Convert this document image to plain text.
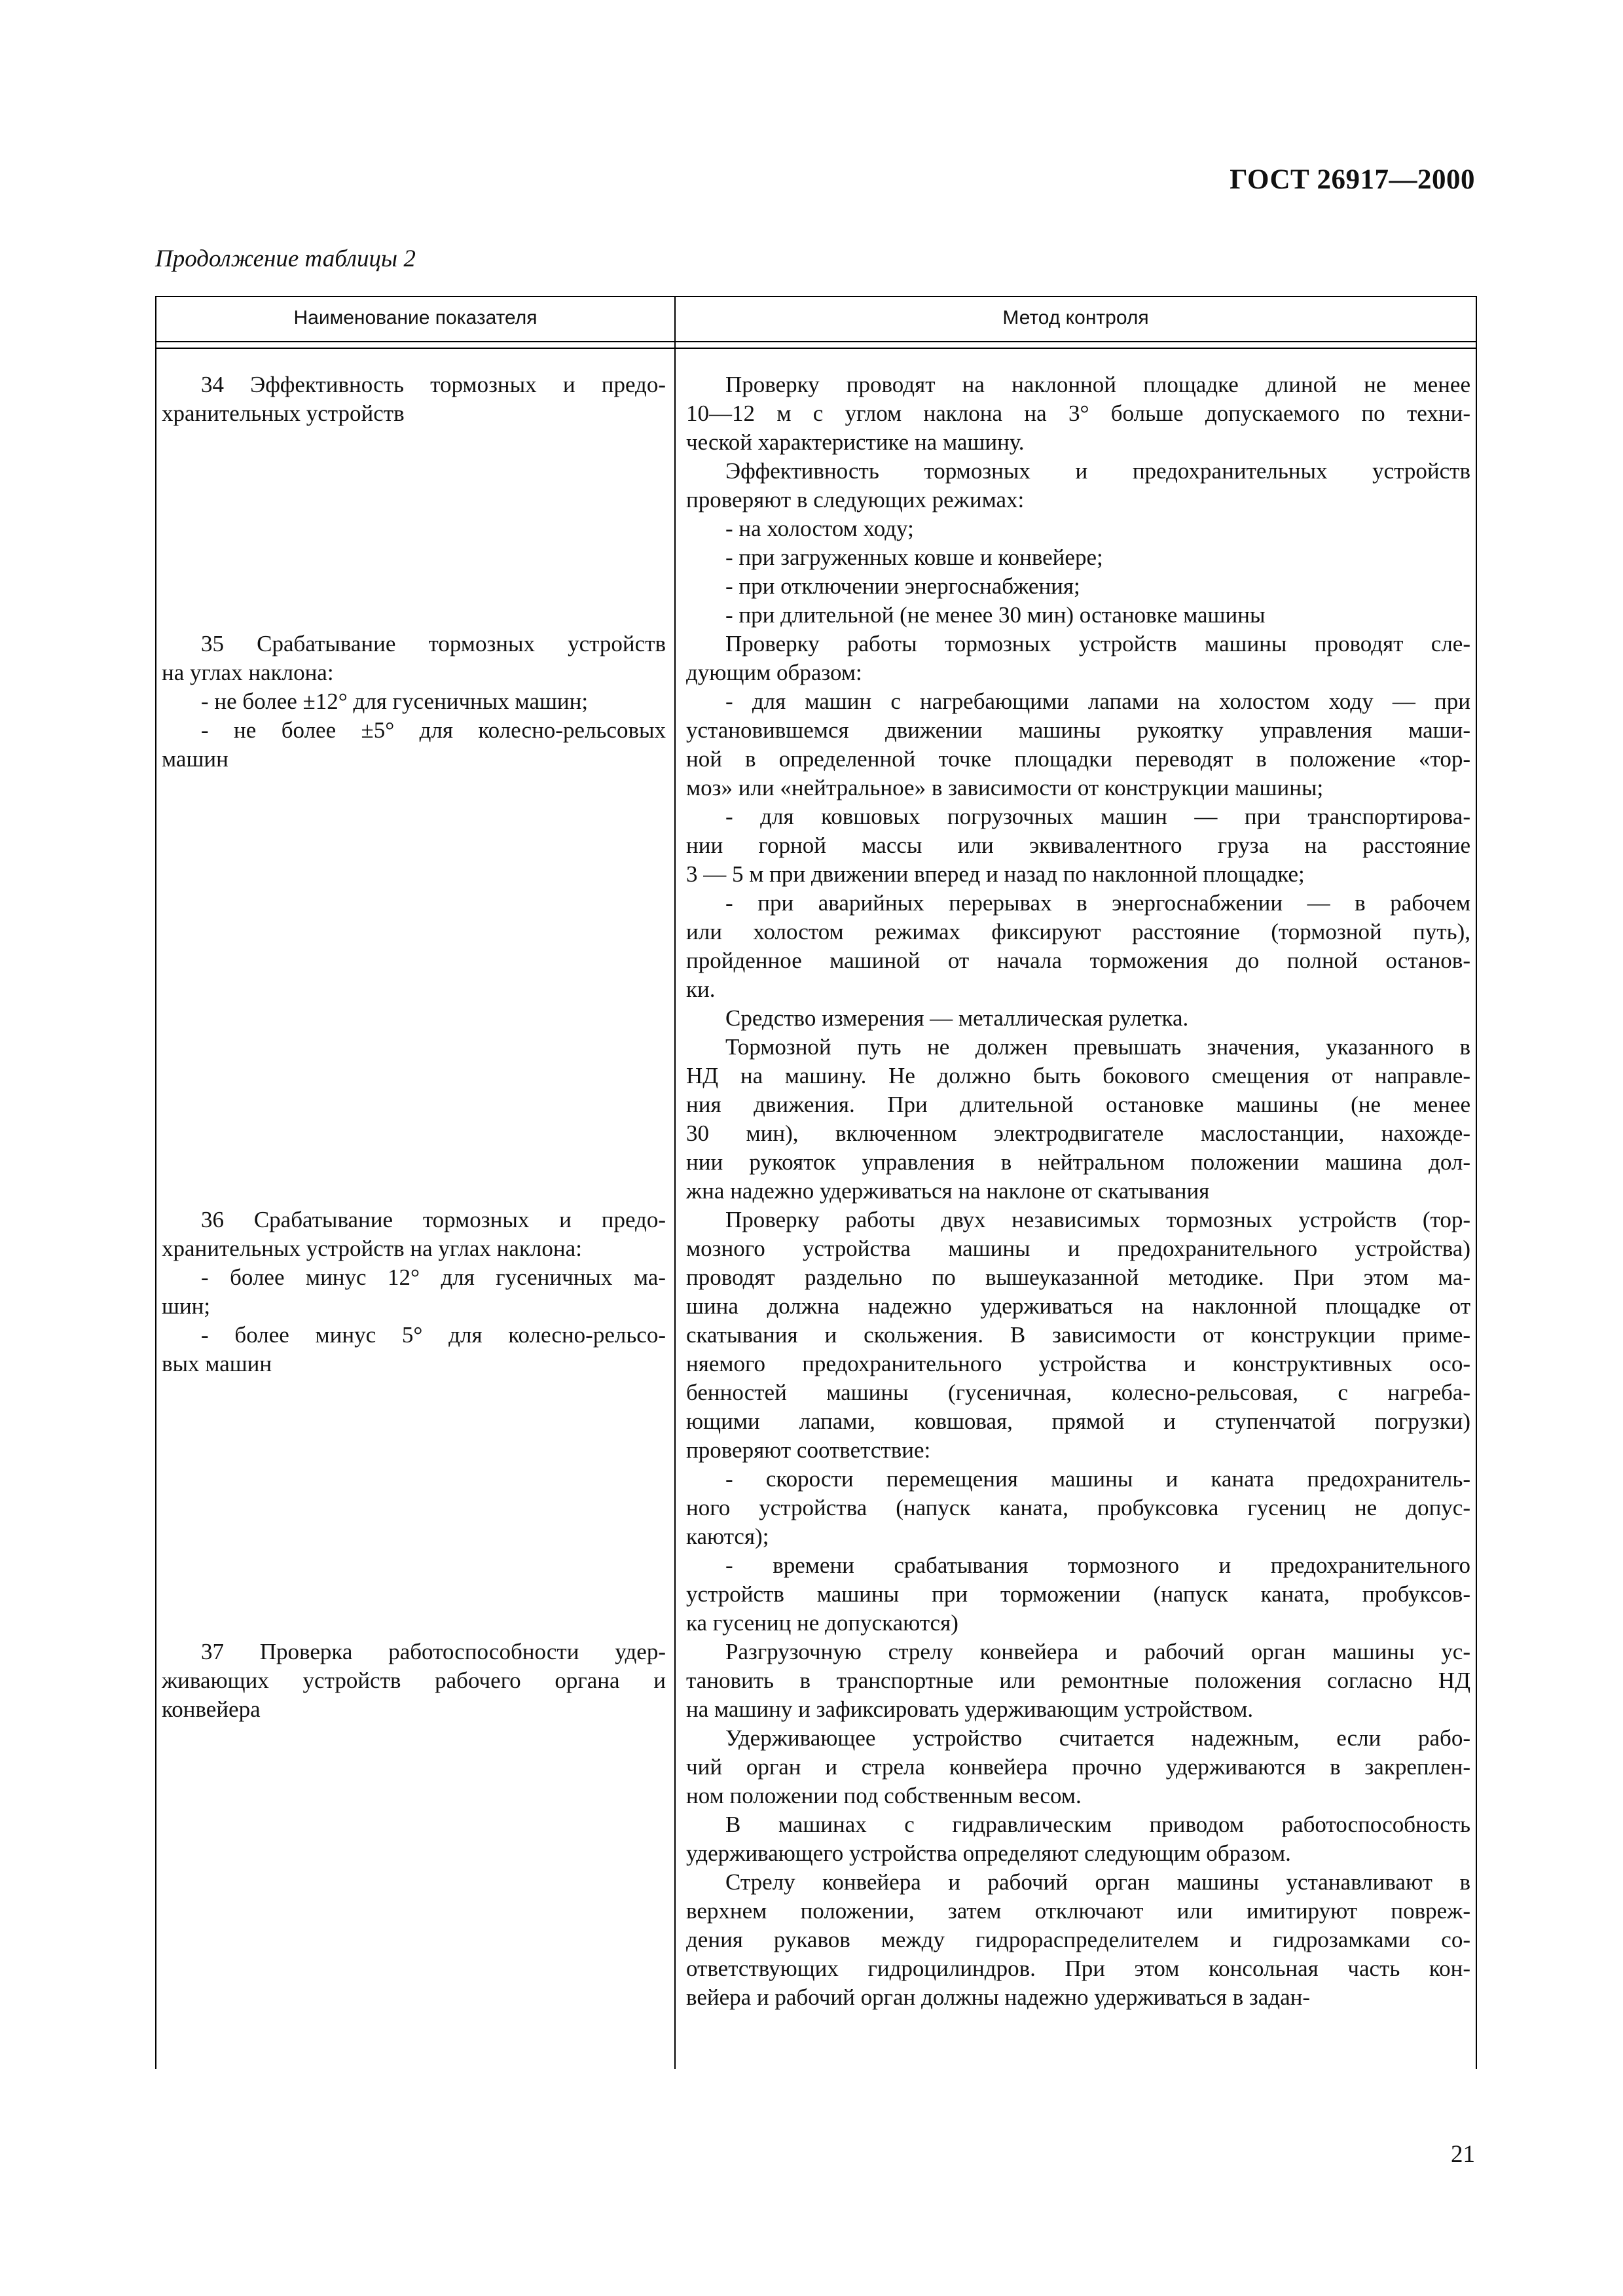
ГОСТ 26917—2000
Продолжение таблицы 2
Наименование показателя	Метод контроля
34 Эффективность тормозных и предо-
хранительных устройств
Проверку проводят на наклонной площадке длиной не менее
10—12 м с углом наклона на 3° больше допускаемого по техни-
ческой характеристике на машину.
Эффективность тормозных и предохранительных устройств
проверяют в следующих режимах:
- на холостом ходу;
- при загруженных ковше и конвейере;
- при отключении энергоснабжения;
- при длительной (не менее 30 мин) остановке машины
35 Срабатывание тормозных устройств
на углах наклона:
- не более ±12° для гусеничных машин;
- не более ±5° для колесно-рельсовых
машин
Проверку работы тормозных устройств машины проводят сле-
дующим образом:
- для машин с нагребающими лапами на холостом ходу — при
установившемся движении машины рукоятку управления маши-
ной в определенной точке площадки переводят в положение «тор-
моз» или «нейтральное» в зависимости от конструкции машины;
- для ковшовых погрузочных машин — при транспортирова-
нии горной массы или эквивалентного груза на расстояние
3 — 5 м при движении вперед и назад по наклонной площадке;
- при аварийных перерывах в энергоснабжении — в рабочем
или холостом режимах фиксируют расстояние (тормозной путь),
пройденное машиной от начала торможения до полной останов-
ки.
Средство измерения — металлическая рулетка.
Тормозной путь не должен превышать значения, указанного в
НД на машину. Не должно быть бокового смещения от направле-
ния движения. При длительной остановке машины (не менее
30 мин), включенном электродвигателе маслостанции, нахожде-
нии рукояток управления в нейтральном положении машина дол-
жна надежно удерживаться на наклоне от скатывания
36 Срабатывание тормозных и предо-
хранительных устройств на углах наклона:
- более минус 12° для гусеничных ма-
шин;
- более минус 5° для колесно-рельсо-
вых машин
Проверку работы двух независимых тормозных устройств (тор-
мозного устройства машины и предохранительного устройства)
проводят раздельно по вышеуказанной методике. При этом ма-
шина должна надежно удерживаться на наклонной площадке от
скатывания и скольжения. В зависимости от конструкции приме-
няемого предохранительного устройства и конструктивных осо-
бенностей машины (гусеничная, колесно-рельсовая, с нагреба-
ющими лапами, ковшовая, прямой и ступенчатой погрузки)
проверяют соответствие:
- скорости перемещения машины и каната предохранитель-
ного устройства (напуск каната, пробуксовка гусениц не допус-
каются);
- времени срабатывания тормозного и предохранительного
устройств машины при торможении (напуск каната, пробуксов-
ка гусениц не допускаются)
37 Проверка работоспособности удер-
живающих устройств рабочего органа и
конвейера
Разгрузочную стрелу конвейера и рабочий орган машины ус-
тановить в транспортные или ремонтные положения согласно НД
на машину и зафиксировать удерживающим устройством.
Удерживающее устройство считается надежным, если рабо-
чий орган и стрела конвейера прочно удерживаются в закреплен-
ном положении под собственным весом.
В машинах с гидравлическим приводом работоспособность
удерживающего устройства определяют следующим образом.
Стрелу конвейера и рабочий орган машины устанавливают в
верхнем положении, затем отключают или имитируют повреж-
дения рукавов между гидрораспределителем и гидрозамками со-
ответствующих гидроцилиндров. При этом консольная часть кон-
вейера и рабочий орган должны надежно удерживаться в задан-
21
